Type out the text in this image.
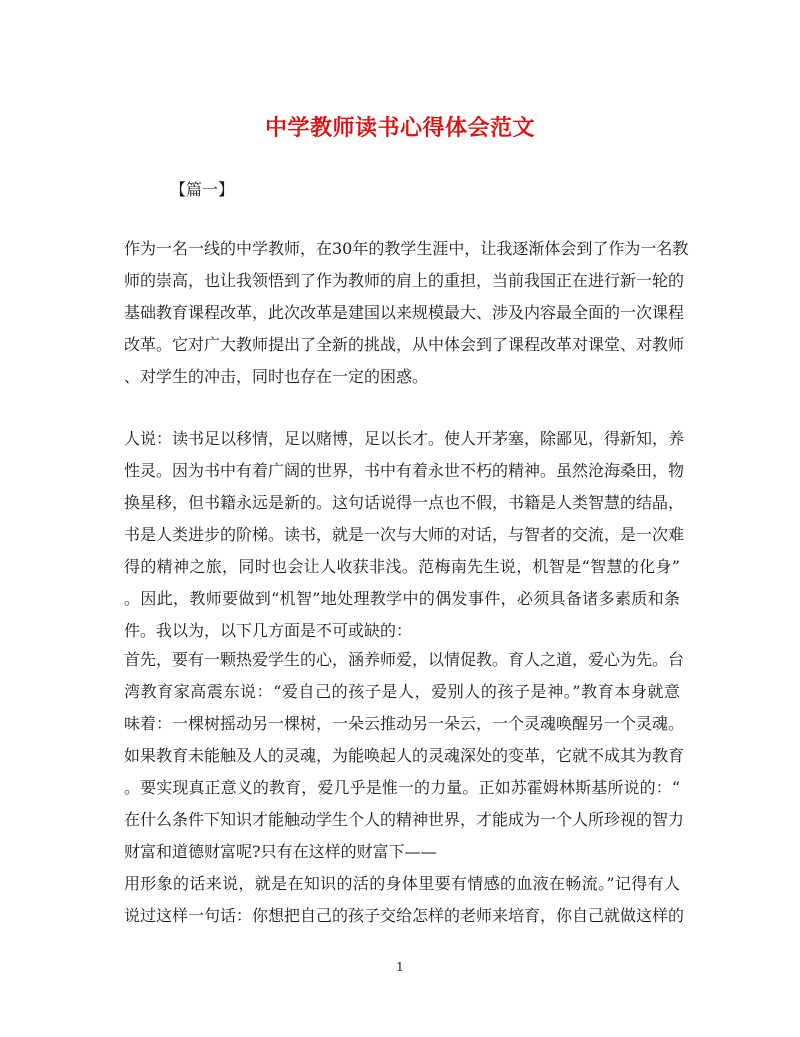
中学教师读书心得体会范文
【篇一】
作为一名一线的中学教师，在30年的教学生涯中，让我逐渐体会到了作为一名教
师的崇高，也让我领悟到了作为教师的肩上的重担，当前我国正在进行新一轮的
基础教育课程改革，此次改革是建国以来规模最大、涉及内容最全面的一次课程
改革。它对广大教师提出了全新的挑战，从中体会到了课程改革对课堂、对教师
、对学生的冲击，同时也存在一定的困惑。
人说：读书足以移情，足以赌博，足以长才。使人开茅塞，除鄙见，得新知，养
性灵。因为书中有着广阔的世界，书中有着永世不朽的精神。虽然沧海桑田，物
换星移，但书籍永远是新的。这句话说得一点也不假，书籍是人类智慧的结晶，
书是人类进步的阶梯。读书，就是一次与大师的对话，与智者的交流，是一次难
得的精神之旅，同时也会让人收获非浅。范梅南先生说，机智是“智慧的化身”
。因此，教师要做到“机智”地处理教学中的偶发事件，必须具备诸多素质和条
件。我以为，以下几方面是不可或缺的：
首先，要有一颗热爱学生的心，涵养师爱，以情促教。育人之道，爱心为先。台
湾教育家高震东说：“爱自己的孩子是人，爱别人的孩子是神。”教育本身就意
味着：一棵树摇动另一棵树，一朵云推动另一朵云，一个灵魂唤醒另一个灵魂。
如果教育未能触及人的灵魂，为能唤起人的灵魂深处的变革，它就不成其为教育
。要实现真正意义的教育，爱几乎是惟一的力量。正如苏霍姆林斯基所说的：“
在什么条件下知识才能触动学生个人的精神世界，才能成为一个人所珍视的智力
财富和道德财富呢?只有在这样的财富下——
用形象的话来说，就是在知识的活的身体里要有情感的血液在畅流。”记得有人
说过这样一句话：你想把自己的孩子交给怎样的老师来培育，你自己就做这样的
1
